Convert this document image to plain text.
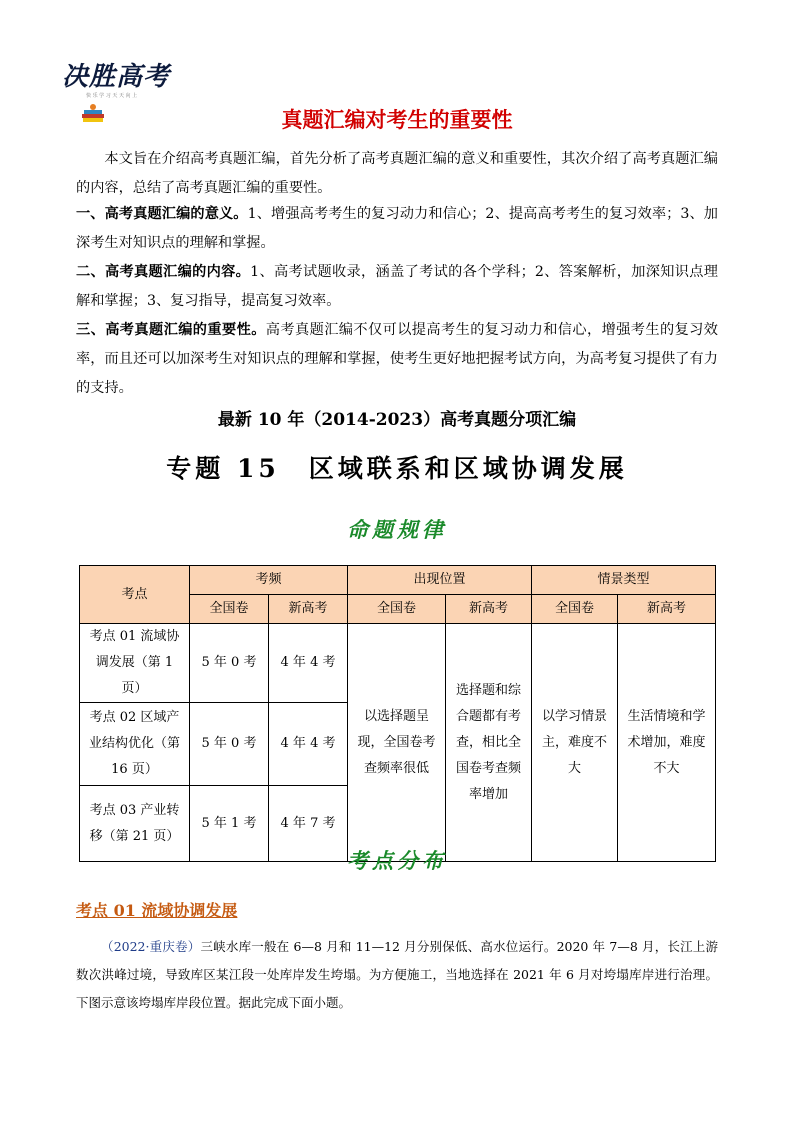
决胜高考
快 乐 学 习 天 天 向 上
真题汇编对考生的重要性
本文旨在介绍高考真题汇编，首先分析了高考真题汇编的意义和重要性，其次介绍了高考真题汇编的内容，总结了高考真题汇编的重要性。
一、高考真题汇编的意义。1、增强高考考生的复习动力和信心；2、提高高考考生的复习效率；3、加深考生对知识点的理解和掌握。
二、高考真题汇编的内容。1、高考试题收录，涵盖了考试的各个学科；2、答案解析，加深知识点理解和掌握；3、复习指导，提高复习效率。
三、高考真题汇编的重要性。高考真题汇编不仅可以提高考生的复习动力和信心，增强考生的复习效率，而且还可以加深考生对知识点的理解和掌握，使考生更好地把握考试方向，为高考复习提供了有力的支持。
最新 10 年（2014-2023）高考真题分项汇编
专题 15　区域联系和区域协调发展
命题规律
考点	考频		出现位置		情景类型	
	全国卷	新高考	全国卷	新高考	全国卷	新高考
考点 01 流域协调发展（第 1 页）	5 年 0 考	4 年 4 考	以选择题呈现，全国卷考查频率很低	选择题和综合题都有考查，相比全国卷考查频率增加	以学习情景主，难度不大	生活情境和学术增加，难度不大
考点 02 区域产业结构优化（第 16 页）	5 年 0 考	4 年 4 考				
考点 03 产业转移（第 21 页）	5 年 1 考	4 年 7 考				
考点分布
考点 01 流域协调发展
（2022·重庆卷）三峡水库一般在 6—8 月和 11—12 月分别保低、高水位运行。2020 年 7—8 月，长江上游数次洪峰过境，导致库区某江段一处库岸发生垮塌。为方便施工，当地选择在 2021 年 6 月对垮塌库岸进行治理。下图示意该垮塌库岸段位置。据此完成下面小题。
